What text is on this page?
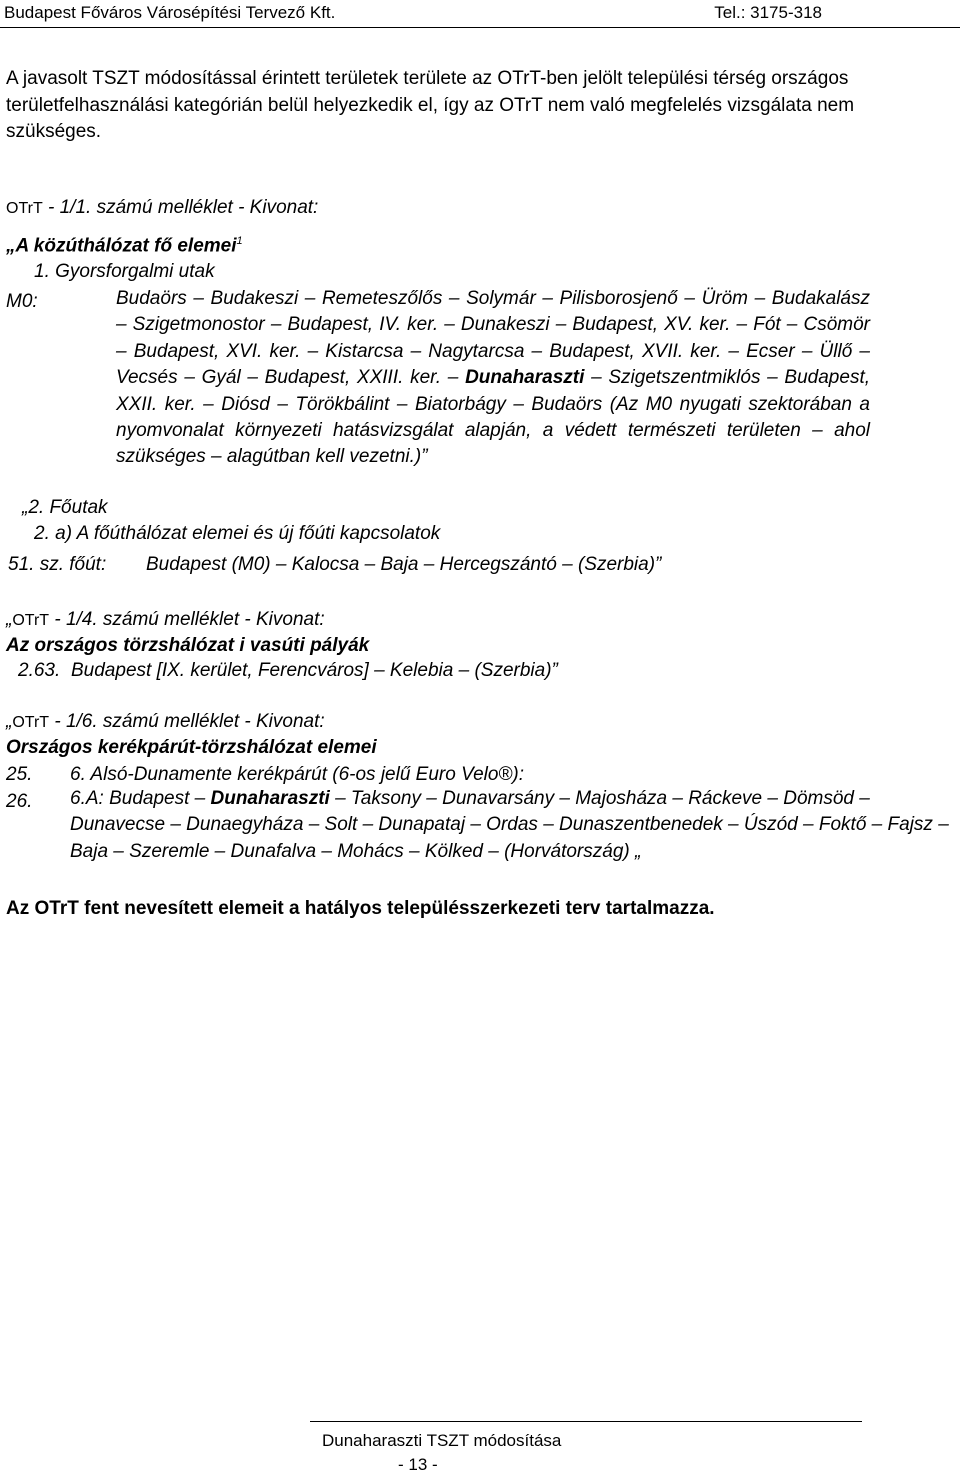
Budapest Főváros Városépítési Tervező Kft.	Tel.: 3175-318
A javasolt TSZT módosítással érintett területek területe az OTrT-ben jelölt települési térség országos területfelhasználási kategórián belül helyezkedik el, így az OTrT nem való megfelelés vizsgálata nem szükséges.
OTrT - 1/1. számú melléklet - Kivonat:
„A közúthálózat fő elemei$^1$
1. Gyorsforgalmi utak
M0:	Budaörs – Budakeszi – Remeteszőlős – Solymár – Pilisborosjenő – Üröm – Budakalász – Szigetmonostor – Budapest, IV. ker. – Dunakeszi – Budapest, XV. ker. – Fót – Csömör – Budapest, XVI. ker. – Kistarcsa – Nagytarcsa – Budapest, XVII. ker. – Ecser – Üllő – Vecsés – Gyál – Budapest, XXIII. ker. – Dunaharaszti – Szigetszentmiklós – Budapest, XXII. ker. – Diósd – Törökbálint – Biatorbágy – Budaörs (Az M0 nyugati szektorában a nyomvonalat környezeti hatásvizsgálat alapján, a védett természeti területen – ahol szükséges – alagútban kell vezetni.)”
„2. Főutak
2. a) A főúthálózat elemei és új főúti kapcsolatok
51. sz. főút: Budapest (M0) – Kalocsa – Baja – Hercegszántó – (Szerbia)”
„OTrT - 1/4. számú melléklet - Kivonat:
Az országos törzshálózat i vasúti pályák
2.63. Budapest [IX. kerület, Ferencváros] – Kelebia – (Szerbia)”
„OTrT - 1/6. számú melléklet - Kivonat:
Országos kerékpárút-törzshálózat elemei
25. 6. Alsó-Dunamente kerékpárút (6-os jelű Euro Velo®):
26. 6.A: Budapest – Dunaharaszti – Taksony – Dunavarsány – Majosháza – Ráckeve – Dömsöd – Dunavecse – Dunaegyháza – Solt – Dunapataj – Ordas – Dunaszentbenedek – Úszód – Foktő – Fajsz – Baja – Szeremle – Dunafalva – Mohács – Kölked – (Horvátország) „
Az OTrT fent nevesített elemeit a hatályos településszerkezeti terv tartalmazza.
Dunaharaszti TSZT módosítása
- 13 -
